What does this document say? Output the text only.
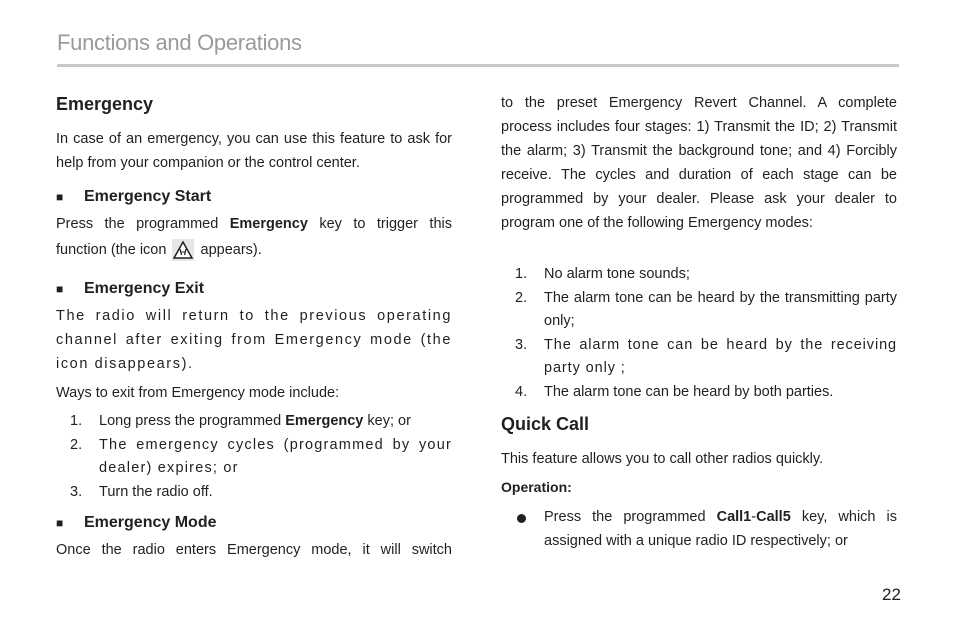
Functions and Operations
Emergency
In case of an emergency, you can use this feature to ask for help from your companion or the control center.
■ Emergency Start
Press the programmed Emergency key to trigger this
function (the icon appears).
■ Emergency Exit
The radio will return to the previous operating channel after exiting from Emergency mode (the icon disappears).
Ways to exit from Emergency mode include:
1. Long press the programmed Emergency key; or
2. The emergency cycles (programmed by your dealer) expires; or
3. Turn the radio off.
■ Emergency Mode
Once the radio enters Emergency mode, it will switch
to the preset Emergency Revert Channel. A complete process includes four stages: 1) Transmit the ID; 2) Transmit the alarm; 3) Transmit the background tone; and 4) Forcibly receive. The cycles and duration of each stage can be programmed by your dealer. Please ask your dealer to program one of the following Emergency modes:
1. No alarm tone sounds;
2. The alarm tone can be heard by the transmitting party only;
3. The alarm tone can be heard by the receiving party only ;
4. The alarm tone can be heard by both parties.
Quick Call
This feature allows you to call other radios quickly.
Operation:
Press the programmed Call1-Call5 key, which is assigned with a unique radio ID respectively; or
22
